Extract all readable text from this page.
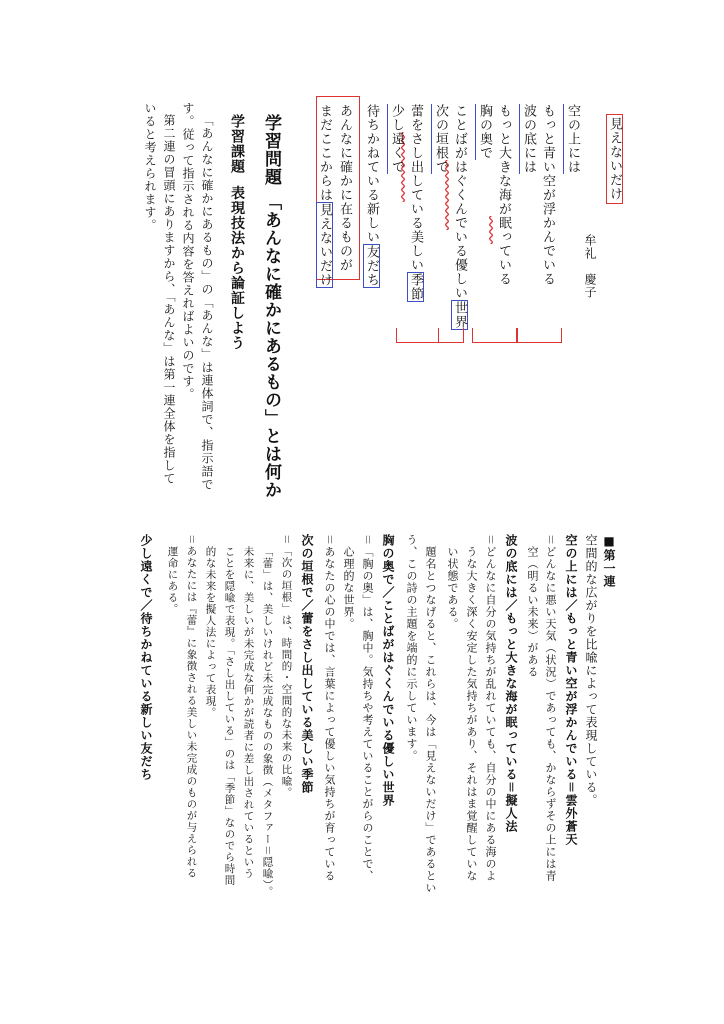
見えないだけ
牟礼　慶子
空の上には
もっと青い空が浮かんでいる
波の底には
もっと大きな海が眠っている
胸の奥で
ことばがはぐくんでいる優しい世界
次の垣根で
蕾をさし出している美しい季節
少し遠くで
待ちかねている新しい友だち
あんなに確かに在るものが
まだここからは見えないだけ
学習問題 「あんなに確かにあるもの」とは何か
学習課題  表現技法から論証しよう
「あんなに確かにあるもの」の「あんな」は連体詞で、指示語で
す。従って指示される内容を答えればよいのです。
第二連の冒頭にありますから、「あんな」は第一連全体を指して
いると考えられます。
■第一連
空間的な広がりを比喩によって表現している。
空の上には／もっと青い空が浮かんでいる＝雲外蒼天
＝どんなに悪い天気（状況）であっても、かならずその上には青
空（明るい未来）がある
波の底には／もっと大きな海が眠っている＝擬人法
＝どんなに自分の気持ちが乱れていても、自分の中にある海のよ
うな大きく深く安定した気持ちがあり、それはま覚醒していな
い状態である。
題名とつなげると、これらは、今は「見えないだけ」であるとい
う、この詩の主題を端的に示しています。
胸の奥で／ことばがはぐくんでいる優しい世界
＝「胸の奥」は、胸中。気持ちや考えていることがらのことで、
心理的な世界。
＝あなたの心の中では、言葉によって優しい気持ちが育っている
次の垣根で／蕾をさし出している美しい季節
＝「次の垣根」は、時間的・空間的な未来の比喩。
「蕾」は、美しいけれど未完成なものの象徴（メタファー＝隠喩）。
未来に、美しいが未完成な何かが読者に差し出されているという
ことを隠喩で表現。「さし出している」のは「季節」なのでら時間
的な未来を擬人法によって表現。
＝あなたには『蕾』に象徴される美しい未完成のものが与えられる
運命にある。
少し遠くで／待ちかねている新しい友だち
